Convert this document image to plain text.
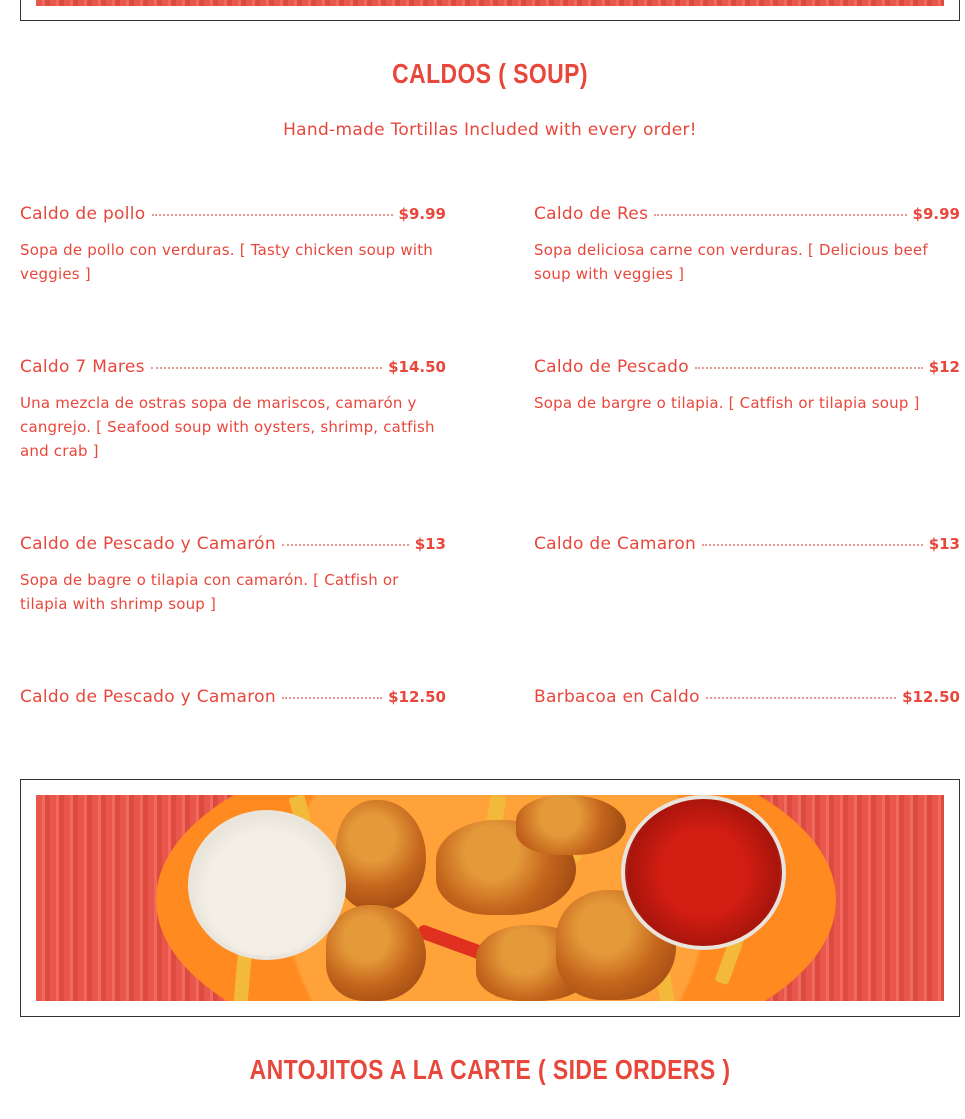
CALDOS ( SOUP)
Hand-made Tortillas Included with every order!
Caldo de pollo	$9.99
Sopa de pollo con verduras. [ Tasty chicken soup with veggies ]
Caldo de Res	$9.99
Sopa deliciosa carne con verduras. [ Delicious beef soup with veggies ]
Caldo 7 Mares	$14.50
Una mezcla de ostras sopa de mariscos, camarón y cangrejo. [ Seafood soup with oysters, shrimp, catfish and crab ]
Caldo de Pescado	$12
Sopa de bargre o tilapia. [ Catfish or tilapia soup ]
Caldo de Pescado y Camarón	$13
Sopa de bagre o tilapia con camarón. [ Catfish or tilapia with shrimp soup ]
Caldo de Camaron	$13
Caldo de Pescado y Camaron	$12.50	Barbacoa en Caldo	$12.50
ANTOJITOS A LA CARTE ( SIDE ORDERS )
